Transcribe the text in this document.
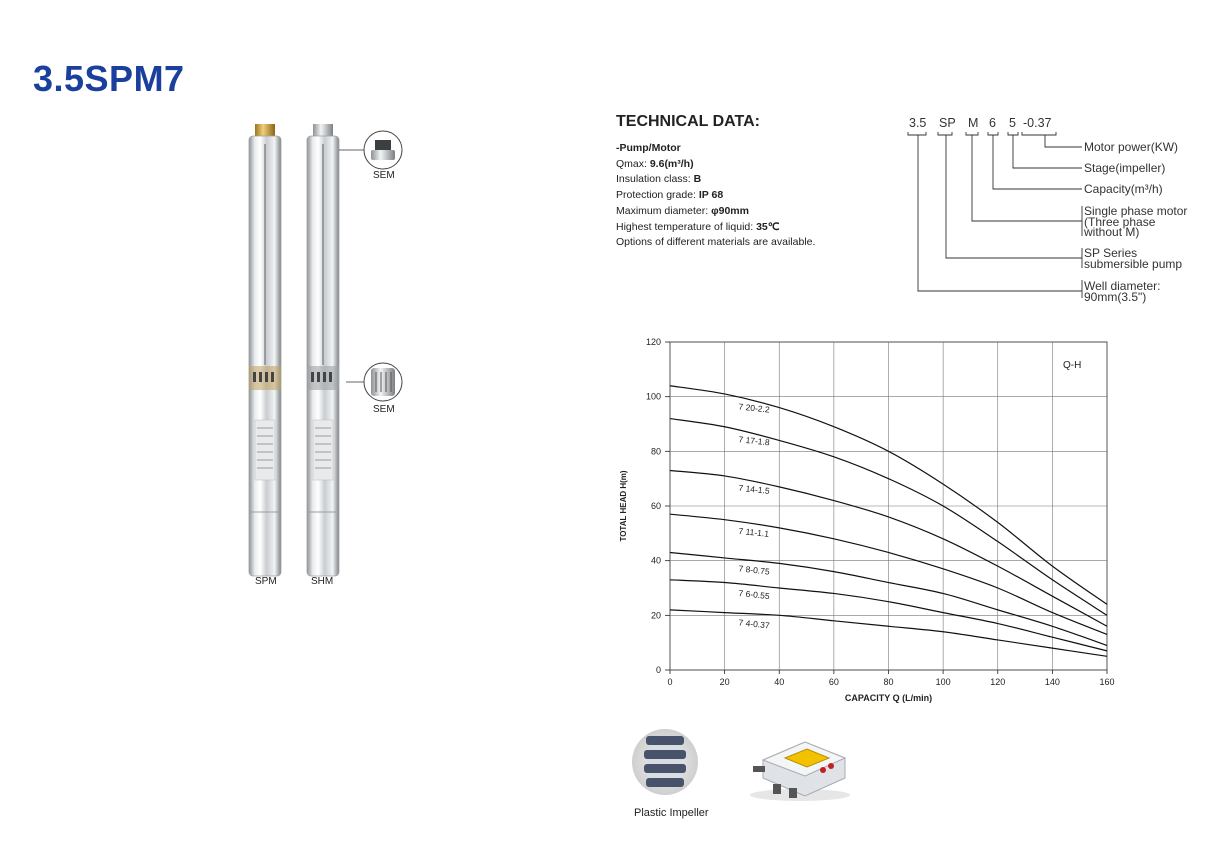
3.5SPM7
SEM
SEM
SPM	SHM
TECHNICAL DATA:
-Pump/Motor
Qmax: 9.6(m³/h)
Insulation class: B
Protection grade: IP 68
Maximum diameter: φ90mm
Highest temperature of liquid: 35℃
Options of different materials are available.
3.5 SP M 6 5 -0.37
Motor power(KW)
Stage(impeller)
Capacity(m³/h)
Single phase motor
(Three phase
without M)
SP Series
submersible pump
Well diameter:
90mm(3.5")
0
20
40
60
80
100
120
0	20	40	60	80	100	120	140	160
7 20-2.2
7 17-1.8
7 14-1.5
7 11-1.1
7 8-0.75
7 6-0.55
7 4-0.37
Q-H
CAPACITY Q (L/min)
TOTAL HEAD H(m)
Plastic Impeller
